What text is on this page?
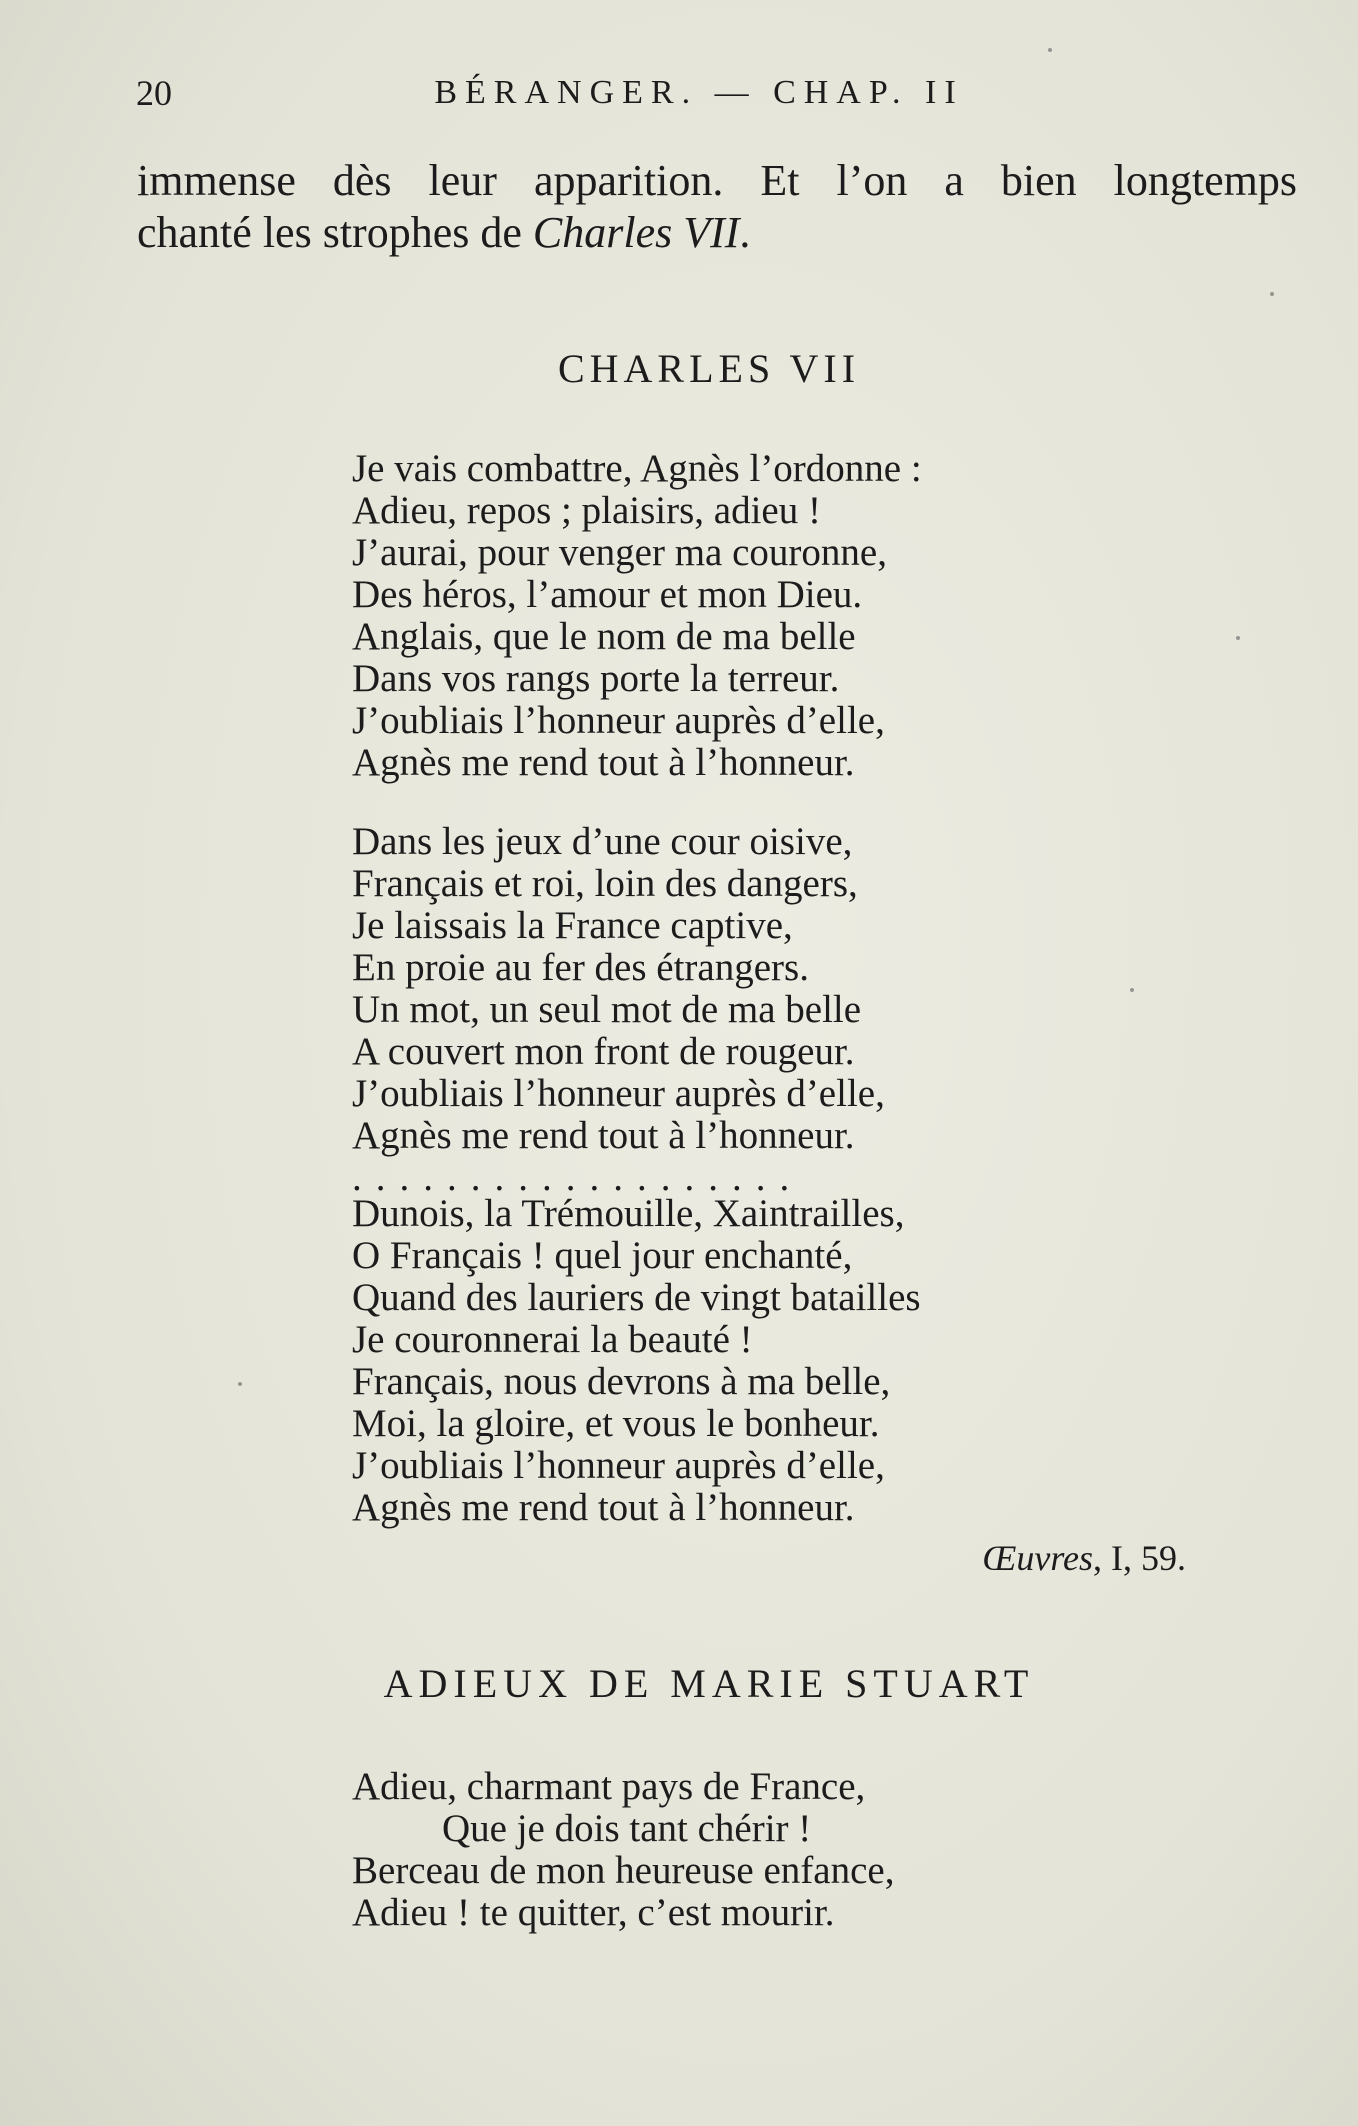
20	BÉRANGER. — CHAP. II
immense dès leur apparition. Et l’on a bien longtemps
chanté les strophes de Charles VII.
CHARLES VII
Je vais combattre, Agnès l’ordonne :
Adieu, repos ; plaisirs, adieu !
J’aurai, pour venger ma couronne,
Des héros, l’amour et mon Dieu.
Anglais, que le nom de ma belle
Dans vos rangs porte la terreur.
J’oubliais l’honneur auprès d’elle,
Agnès me rend tout à l’honneur.
Dans les jeux d’une cour oisive,
Français et roi, loin des dangers,
Je laissais la France captive,
En proie au fer des étrangers.
Un mot, un seul mot de ma belle
A couvert mon front de rougeur.
J’oubliais l’honneur auprès d’elle,
Agnès me rend tout à l’honneur.
...................
Dunois, la Trémouille, Xaintrailles,
O Français ! quel jour enchanté,
Quand des lauriers de vingt batailles
Je couronnerai la beauté !
Français, nous devrons à ma belle,
Moi, la gloire, et vous le bonheur.
J’oubliais l’honneur auprès d’elle,
Agnès me rend tout à l’honneur.
Œuvres, I, 59.
ADIEUX DE MARIE STUART
Adieu, charmant pays de France,
Que je dois tant chérir !
Berceau de mon heureuse enfance,
Adieu ! te quitter, c’est mourir.
